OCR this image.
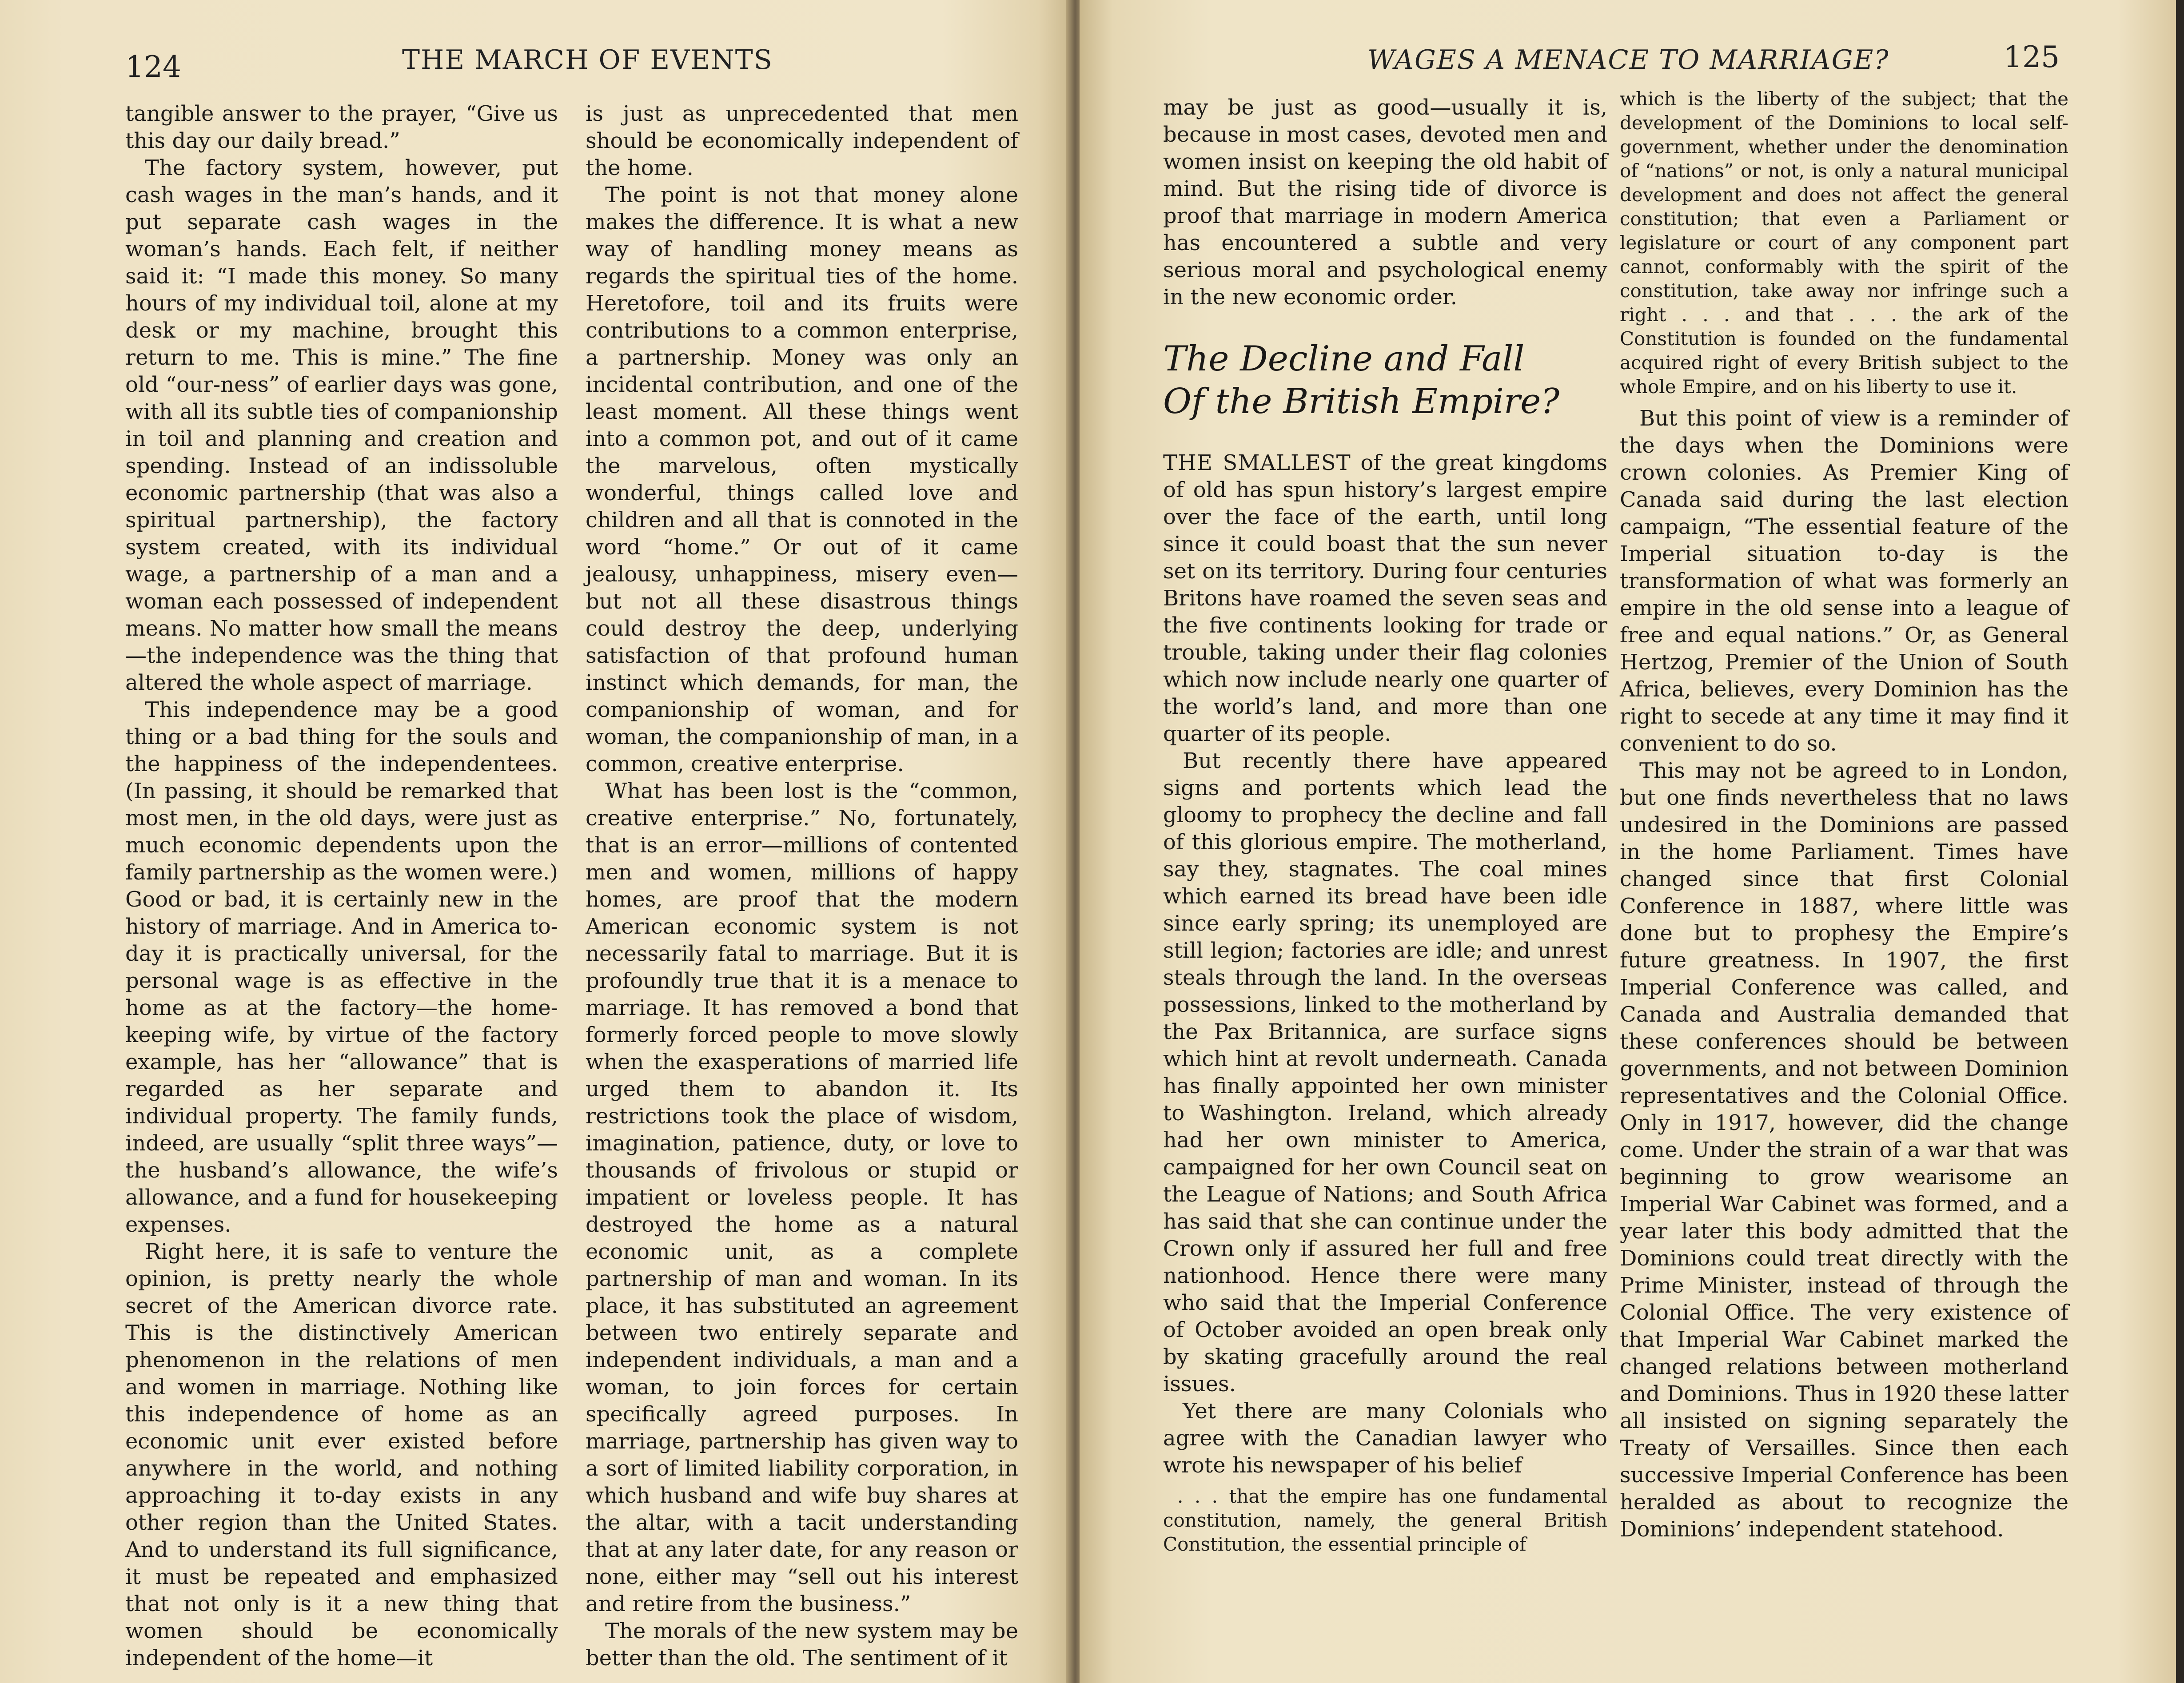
124	THE MARCH OF EVENTS

tangible answer to the prayer, “Give us this day our daily bread.”

The factory system, however, put cash wages in the man’s hands, and it put separate cash wages in the woman’s hands. Each felt, if neither said it: “I made this money. So many hours of my individual toil, alone at my desk or my machine, brought this return to me. This is mine.” The fine old “our-ness” of earlier days was gone, with all its subtle ties of companionship in toil and planning and creation and spending. Instead of an indissoluble economic partnership (that was also a spiritual partnership), the factory system created, with its individual wage, a partnership of a man and a woman each possessed of independent means. No matter how small the means—the independence was the thing that altered the whole aspect of marriage.

This independence may be a good thing or a bad thing for the souls and the happiness of the independentees. (In passing, it should be remarked that most men, in the old days, were just as much economic dependents upon the family partnership as the women were.) Good or bad, it is certainly new in the history of marriage. And in America to-day it is practically universal, for the personal wage is as effective in the home as at the factory—the home-keeping wife, by virtue of the factory example, has her “allowance” that is regarded as her separate and individual property. The family funds, indeed, are usually “split three ways”—the husband’s allowance, the wife’s allowance, and a fund for housekeeping expenses.

Right here, it is safe to venture the opinion, is pretty nearly the whole secret of the American divorce rate. This is the distinctively American phenomenon in the relations of men and women in marriage. Nothing like this independence of home as an economic unit ever existed before anywhere in the world, and nothing approaching it to-day exists in any other region than the United States. And to understand its full significance, it must be repeated and emphasized that not only is it a new thing that women should be economically independent of the home—it

is just as unprecedented that men should be economically independent of the home.

The point is not that money alone makes the difference. It is what a new way of handling money means as regards the spiritual ties of the home. Heretofore, toil and its fruits were contributions to a common enterprise, a partnership. Money was only an incidental contribution, and one of the least moment. All these things went into a common pot, and out of it came the marvelous, often mystically wonderful, things called love and children and all that is connoted in the word “home.” Or out of it came jealousy, unhappiness, misery even—but not all these disastrous things could destroy the deep, underlying satisfaction of that profound human instinct which demands, for man, the companionship of woman, and for woman, the companionship of man, in a common, creative enterprise.

What has been lost is the “common, creative enterprise.” No, fortunately, that is an error—millions of contented men and women, millions of happy homes, are proof that the modern American economic system is not necessarily fatal to marriage. But it is profoundly true that it is a menace to marriage. It has removed a bond that formerly forced people to move slowly when the exasperations of married life urged them to abandon it. Its restrictions took the place of wisdom, imagination, patience, duty, or love to thousands of frivolous or stupid or impatient or loveless people. It has destroyed the home as a natural economic unit, as a complete partnership of man and woman. In its place, it has substituted an agreement between two entirely separate and independent individuals, a man and a woman, to join forces for certain specifically agreed purposes. In marriage, partnership has given way to a sort of limited liability corporation, in which husband and wife buy shares at the altar, with a tacit understanding that at any later date, for any reason or none, either may “sell out his interest and retire from the business.”

The morals of the new system may be better than the old. The sentiment of it

WAGES A MENACE TO MARRIAGE?	125

may be just as good—usually it is, because in most cases, devoted men and women insist on keeping the old habit of mind. But the rising tide of divorce is proof that marriage in modern America has encountered a subtle and very serious moral and psychological enemy in the new economic order.

The Decline and Fall
Of the British Empire?

THE SMALLEST of the great kingdoms of old has spun history’s largest empire over the face of the earth, until long since it could boast that the sun never set on its territory. During four centuries Britons have roamed the seven seas and the five continents looking for trade or trouble, taking under their flag colonies which now include nearly one quarter of the world’s land, and more than one quarter of its people.

But recently there have appeared signs and portents which lead the gloomy to prophecy the decline and fall of this glorious empire. The motherland, say they, stagnates. The coal mines which earned its bread have been idle since early spring; its unemployed are still legion; factories are idle; and unrest steals through the land. In the overseas possessions, linked to the motherland by the Pax Britannica, are surface signs which hint at revolt underneath. Canada has finally appointed her own minister to Washington. Ireland, which already had her own minister to America, campaigned for her own Council seat on the League of Nations; and South Africa has said that she can continue under the Crown only if assured her full and free nationhood. Hence there were many who said that the Imperial Conference of October avoided an open break only by skating gracefully around the real issues.

Yet there are many Colonials who agree with the Canadian lawyer who wrote his newspaper of his belief

. . . that the empire has one fundamental constitution, namely, the general British Constitution, the essential principle of

which is the liberty of the subject; that the development of the Dominions to local self-government, whether under the denomination of “nations” or not, is only a natural municipal development and does not affect the general constitution; that even a Parliament or legislature or court of any component part cannot, conformably with the spirit of the constitution, take away nor infringe such a right . . . and that . . . the ark of the Constitution is founded on the fundamental acquired right of every British subject to the whole Empire, and on his liberty to use it.

But this point of view is a reminder of the days when the Dominions were crown colonies. As Premier King of Canada said during the last election campaign, “The essential feature of the Imperial situation to-day is the transformation of what was formerly an empire in the old sense into a league of free and equal nations.” Or, as General Hertzog, Premier of the Union of South Africa, believes, every Dominion has the right to secede at any time it may find it convenient to do so.

This may not be agreed to in London, but one finds nevertheless that no laws undesired in the Dominions are passed in the home Parliament. Times have changed since that first Colonial Conference in 1887, where little was done but to prophesy the Empire’s future greatness. In 1907, the first Imperial Conference was called, and Canada and Australia demanded that these conferences should be between governments, and not between Dominion representatives and the Colonial Office. Only in 1917, however, did the change come. Under the strain of a war that was beginning to grow wearisome an Imperial War Cabinet was formed, and a year later this body admitted that the Dominions could treat directly with the Prime Minister, instead of through the Colonial Office. The very existence of that Imperial War Cabinet marked the changed relations between motherland and Dominions. Thus in 1920 these latter all insisted on signing separately the Treaty of Versailles. Since then each successive Imperial Conference has been heralded as about to recognize the Dominions’ independent statehood.
